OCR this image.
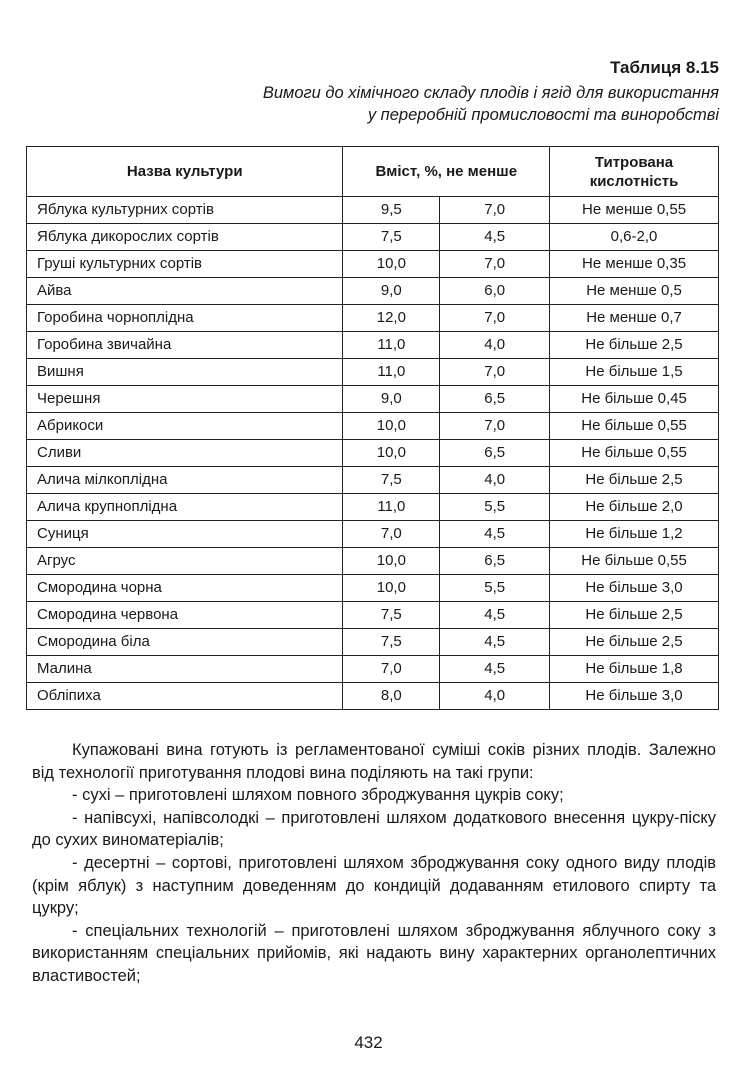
Таблиця 8.15
Вимоги до хімічного складу плодів і ягід для використання
у переробній промисловості та виноробстві
Назва культури	Вміст, %, не менше		Титрована кислотність
Яблука культурних сортів	9,5	7,0	Не менше 0,55
Яблука дикорослих сортів	7,5	4,5	0,6-2,0
Груші культурних сортів	10,0	7,0	Не менше 0,35
Айва	9,0	6,0	Не менше 0,5
Горобина чорноплідна	12,0	7,0	Не менше 0,7
Горобина звичайна	11,0	4,0	Не більше 2,5
Вишня	11,0	7,0	Не більше 1,5
Черешня	9,0	6,5	Не більше 0,45
Абрикоси	10,0	7,0	Не більше 0,55
Сливи	10,0	6,5	Не більше 0,55
Алича мілкоплідна	7,5	4,0	Не більше 2,5
Алича крупноплідна	11,0	5,5	Не більше 2,0
Суниця	7,0	4,5	Не більше 1,2
Агрус	10,0	6,5	Не більше 0,55
Смородина чорна	10,0	5,5	Не більше 3,0
Смородина червона	7,5	4,5	Не більше 2,5
Смородина біла	7,5	4,5	Не більше 2,5
Малина	7,0	4,5	Не більше 1,8
Обліпиха	8,0	4,0	Не більше 3,0

Купажовані вина готують із регламентованої суміші соків різних плодів. Залежно від технології приготування плодові вина поділяють на такі групи:

- сухі – приготовлені шляхом повного зброджування цукрів соку;

- напівсухі, напівсолодкі – приготовлені шляхом додаткового внесення цукру-піску до сухих виноматеріалів;

- десертні – сортові, приготовлені шляхом зброджування соку одного виду плодів (крім яблук) з наступним доведенням до кондицій додаванням етилового спирту та цукру;

- спеціальних технологій – приготовлені шляхом зброджування яблучного соку з використанням спеціальних прийомів, які надають вину характерних органолептичних властивостей;

432
